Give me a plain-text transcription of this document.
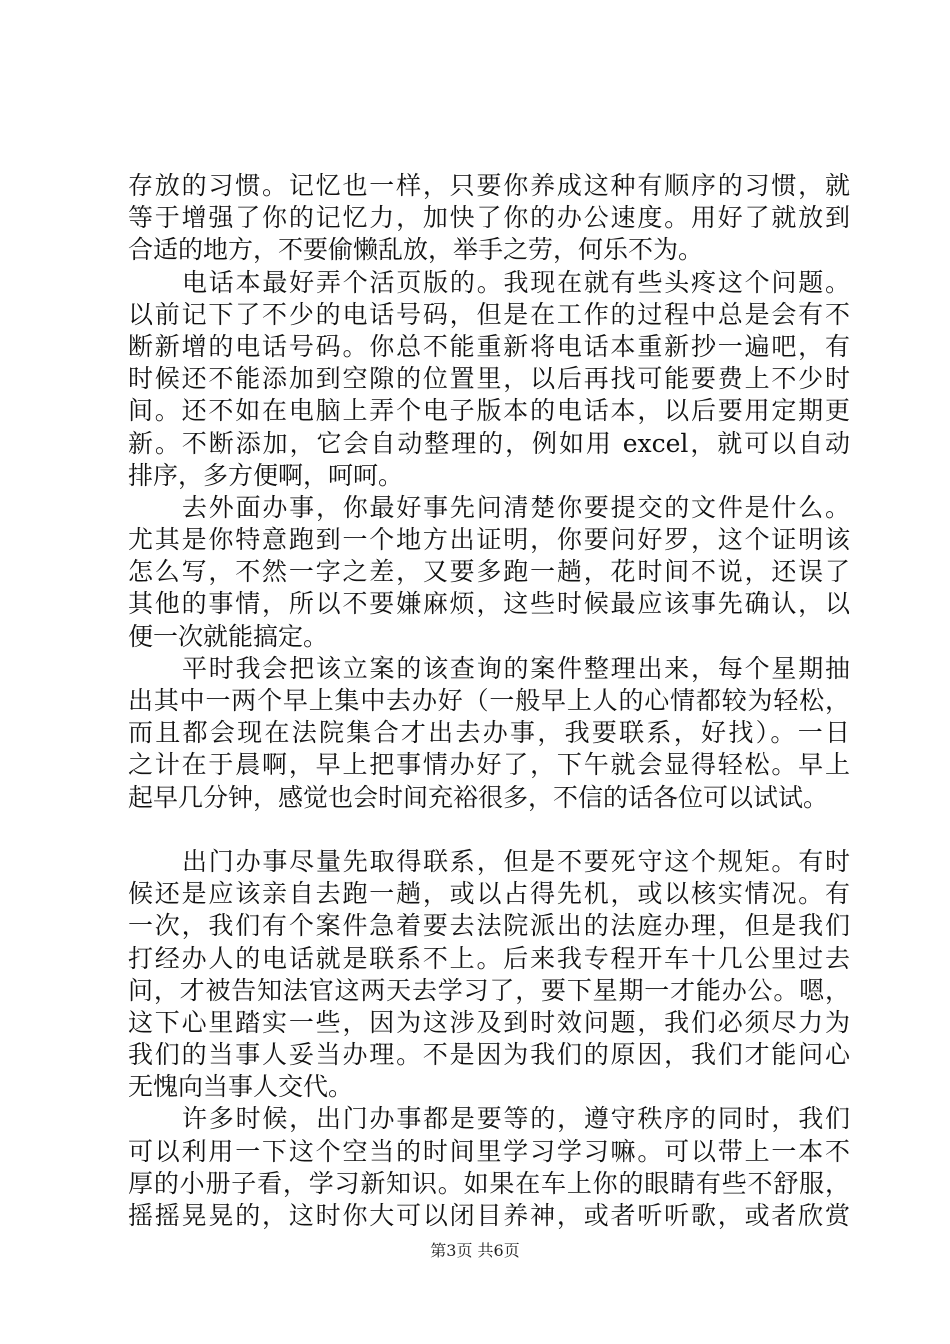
存放的习惯。记忆也一样，只要你养成这种有顺序的习惯，就
等于增强了你的记忆力，加快了你的办公速度。用好了就放到
合适的地方，不要偷懒乱放，举手之劳，何乐不为。
电话本最好弄个活页版的。我现在就有些头疼这个问题。
以前记下了不少的电话号码，但是在工作的过程中总是会有不
断新增的电话号码。你总不能重新将电话本重新抄一遍吧，有
时候还不能添加到空隙的位置里，以后再找可能要费上不少时
间。还不如在电脑上弄个电子版本的电话本，以后要用定期更
新。不断添加，它会自动整理的，例如用 excel，就可以自动
排序，多方便啊，呵呵。
去外面办事，你最好事先问清楚你要提交的文件是什么。
尤其是你特意跑到一个地方出证明，你要问好罗，这个证明该
怎么写，不然一字之差，又要多跑一趟，花时间不说，还误了
其他的事情，所以不要嫌麻烦，这些时候最应该事先确认，以
便一次就能搞定。
平时我会把该立案的该查询的案件整理出来，每个星期抽
出其中一两个早上集中去办好（一般早上人的心情都较为轻松，
而且都会现在法院集合才出去办事，我要联系，好找）。一日
之计在于晨啊，早上把事情办好了，下午就会显得轻松。早上
起早几分钟，感觉也会时间充裕很多，不信的话各位可以试试。
出门办事尽量先取得联系，但是不要死守这个规矩。有时
候还是应该亲自去跑一趟，或以占得先机，或以核实情况。有
一次，我们有个案件急着要去法院派出的法庭办理，但是我们
打经办人的电话就是联系不上。后来我专程开车十几公里过去
问，才被告知法官这两天去学习了，要下星期一才能办公。嗯，
这下心里踏实一些，因为这涉及到时效问题，我们必须尽力为
我们的当事人妥当办理。不是因为我们的原因，我们才能问心
无愧向当事人交代。
许多时候，出门办事都是要等的，遵守秩序的同时，我们
可以利用一下这个空当的时间里学习学习嘛。可以带上一本不
厚的小册子看，学习新知识。如果在车上你的眼睛有些不舒服，
摇摇晃晃的，这时你大可以闭目养神，或者听听歌，或者欣赏
第3页 共6页
